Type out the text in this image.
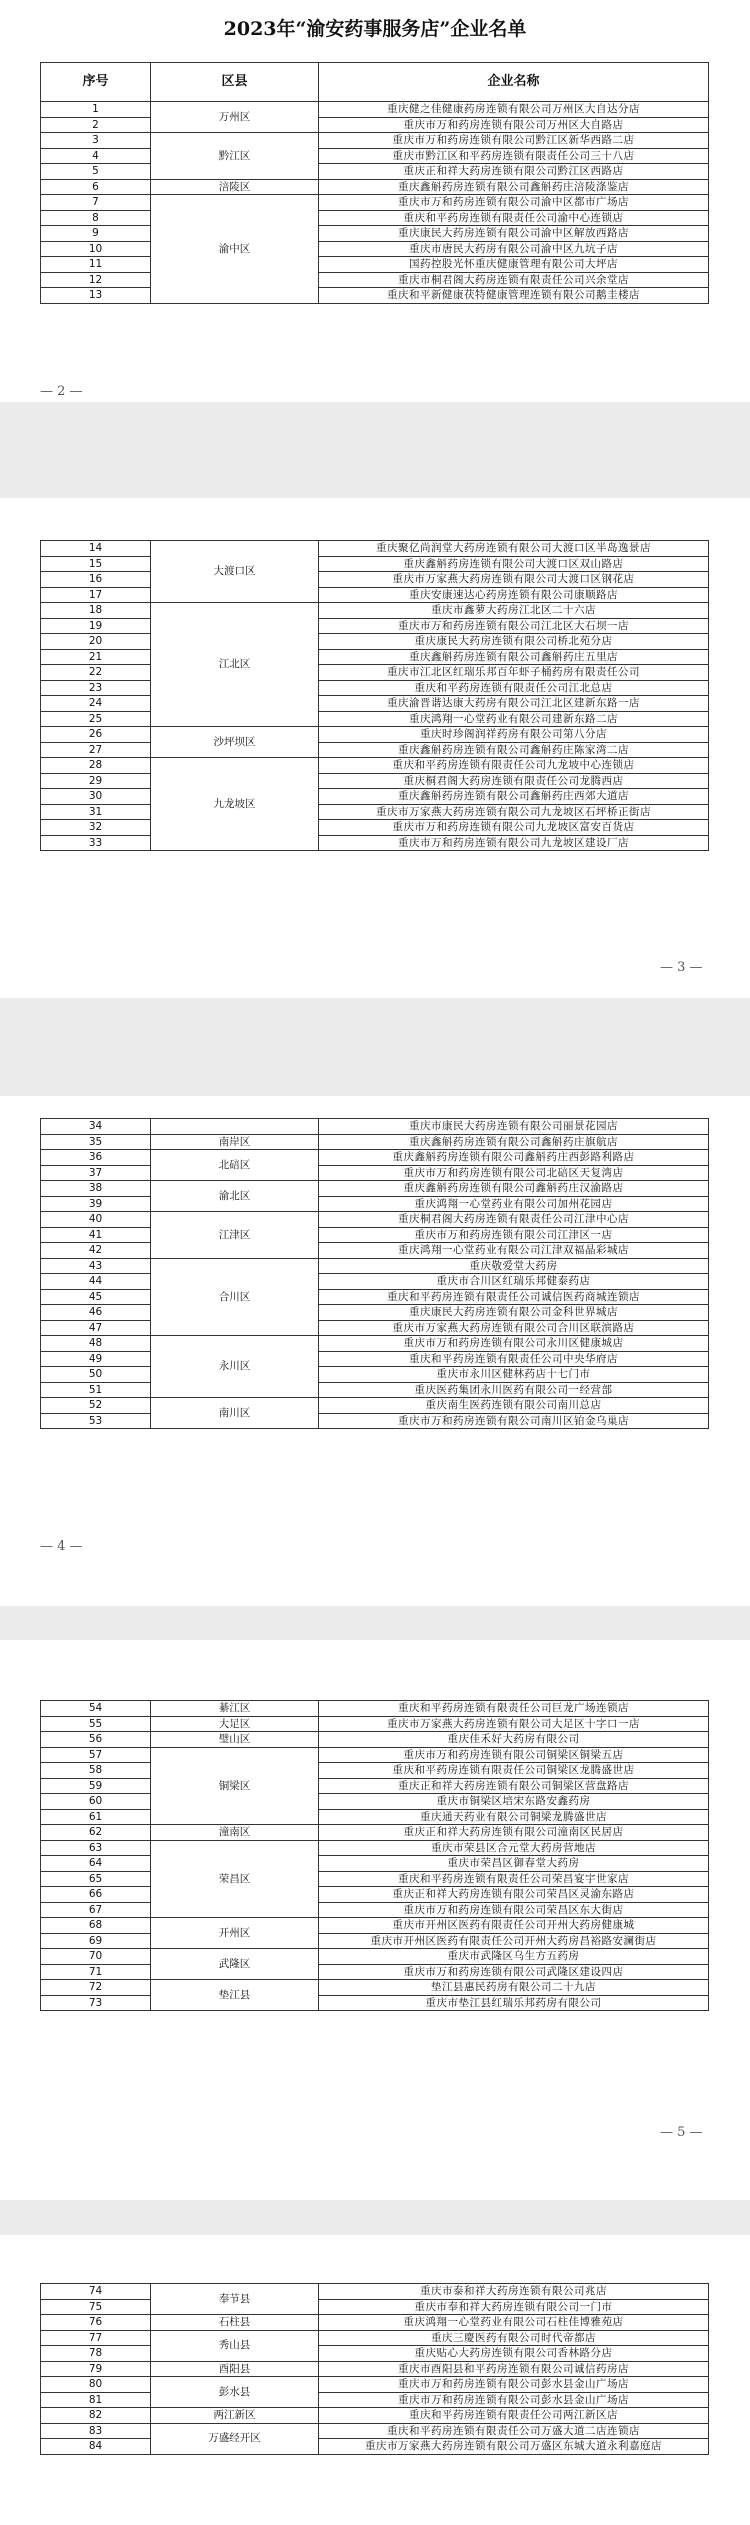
2023年“渝安药事服务店”企业名单
序号	区县	企业名称
1	万州区	重庆健之佳健康药房连锁有限公司万州区大自达分店
2		重庆市万和药房连锁有限公司万州区大自路店
3	黔江区	重庆市万和药房连锁有限公司黔江区新华西路二店
4		重庆市黔江区和平药房连锁有限责任公司三十八店
5		重庆正和祥大药房连锁有限公司黔江区西路店
6	涪陵区	重庆鑫斛药房连锁有限公司鑫斛药庄涪陵涤鉴店
7	渝中区	重庆市万和药房连锁有限公司渝中区都市广场店
8		重庆和平药房连锁有限责任公司渝中心连锁店
9		重庆康民大药房连锁有限公司渝中区解放西路店
10		重庆市唐民大药房有限公司渝中区九坑子店
11		国药控股光怀重庆健康管理有限公司大坪店
12		重庆市桐君阁大药房连锁有限责任公司兴余堂店
13		重庆和平新健康茯特健康管理连锁有限公司鹅圭楼店
— 2 —
14	大渡口区	重庆聚亿尚润堂大药房连锁有限公司大渡口区半岛逸景店
15		重庆鑫斛药房连锁有限公司大渡口区双山路店
16		重庆市万家燕大药房连锁有限公司大渡口区钢花店
17		重庆安康速达心药房连锁有限公司康顺路店
18	江北区	重庆市鑫萝大药房江北区二十六店
19		重庆市万和药房连锁有限公司江北区大石坝一店
20		重庆康民大药房连锁有限公司桥北苑分店
21		重庆鑫斛药房连锁有限公司鑫斛药庄五里店
22		重庆市江北区红瑞乐邦百年虾子桶药房有限责任公司
23		重庆和平药房连锁有限责任公司江北总店
24		重庆渝晋谐达康大药房有限公司江北区建新东路一店
25		重庆鸿翔一心堂药业有限公司建新东路二店
26	沙坪坝区	重庆时珍阁润祥药房有限公司第八分店
27		重庆鑫斛药房连锁有限公司鑫斛药庄陈家湾二店
28	九龙坡区	重庆和平药房连锁有限责任公司九龙坡中心连锁店
29		重庆桐君阁大药房连锁有限责任公司龙腾西店
30		重庆鑫斛药房连锁有限公司鑫斛药庄西郊大道店
31		重庆市万家燕大药房连锁有限公司九龙坡区石坪桥正街店
32		重庆市万和药房连锁有限公司九龙坡区富安百货店
33		重庆市万和药房连锁有限公司九龙坡区建设厂店
— 3 —
34		重庆市康民大药房连锁有限公司丽景花园店
35	南岸区	重庆鑫斛药房连锁有限公司鑫斛药庄旗航店
36	北碚区	重庆鑫斛药房连锁有限公司鑫斛药庄西彭路利路店
37		重庆市万和药房连锁有限公司北碚区天复湾店
38	渝北区	重庆鑫斛药房连锁有限公司鑫斛药庄汉渝路店
39		重庆鸿翔一心堂药业有限公司加州花园店
40	江津区	重庆桐君阁大药房连锁有限责任公司江津中心店
41		重庆市万和药房连锁有限公司江津区一店
42		重庆鸿翔一心堂药业有限公司江津双福晶彩城店
43	合川区	重庆敬爱堂大药房
44		重庆市合川区红瑞乐邦健泰药店
45		重庆和平药房连锁有限责任公司诚信医药商城连锁店
46		重庆康民大药房连锁有限公司金科世界城店
47		重庆市万家燕大药房连锁有限公司合川区联滨路店
48	永川区	重庆市万和药房连锁有限公司永川区健康城店
49		重庆和平药房连锁有限责任公司中央华府店
50		重庆市永川区健林药店十七门市
51		重庆医药集团永川医药有限公司一经营部
52	南川区	重庆南生医药连锁有限公司南川总店
53		重庆市万和药房连锁有限公司南川区铂金乌巢店
— 4 —
54	綦江区	重庆和平药房连锁有限责任公司巨龙广场连锁店
55	大足区	重庆市万家燕大药房连锁有限公司大足区十字口一店
56	璧山区	重庆佳禾好大药房有限公司
57	铜梁区	重庆市万和药房连锁有限公司铜梁区铜梁五店
58		重庆和平药房连锁有限责任公司铜梁区龙腾盛世店
59		重庆正和祥大药房连锁有限公司铜梁区营盘路店
60		重庆市铜梁区培宋东路安鑫药房
61		重庆通天药业有限公司铜梁龙腾盛世店
62	潼南区	重庆正和祥大药房连锁有限公司潼南区民居店
63	荣昌区	重庆市荣县区合元堂大药房营地店
64		重庆市荣昌区御春堂大药房
65		重庆和平药房连锁有限责任公司荣昌宴宇世家店
66		重庆正和祥大药房连锁有限公司荣昌区灵渝东路店
67		重庆市万和药房连锁有限公司荣昌区东大街店
68	开州区	重庆市开州区医药有限责任公司开州大药房健康城
69		重庆市开州区医药有限责任公司开州大药房昌裕路安澜街店
70	武隆区	重庆市武隆区乌生方五药房
71		重庆市万和药房连锁有限公司武隆区建设四店
72	垫江县	垫江县惠民药房有限公司二十九店
73		重庆市垫江县红瑞乐邦药房有限公司
— 5 —
74	奉节县	重庆市泰和祥大药房连锁有限公司兆店
75		重庆市奉和祥大药房连锁有限公司一门市
76	石柱县	重庆鸿翔一心堂药业有限公司石柱佳博雅苑店
77	秀山县	重庆三慶医药有限公司时代帝都店
78		重庆贴心大药房连锁有限公司香林路分店
79	酉阳县	重庆市酉阳县和平药房连锁有限公司诚信药房店
80	彭水县	重庆市万和药房连锁有限公司彭水县金山广场店
81		重庆市万和药房连锁有限公司彭水县金山广场店
82	两江新区	重庆和平药房连锁有限责任公司两江新区店
83	万盛经开区	重庆和平药房连锁有限责任公司万盛大道二店连锁店
84		重庆市万家燕大药房连锁有限公司万盛区东城大道永利嘉庭店
